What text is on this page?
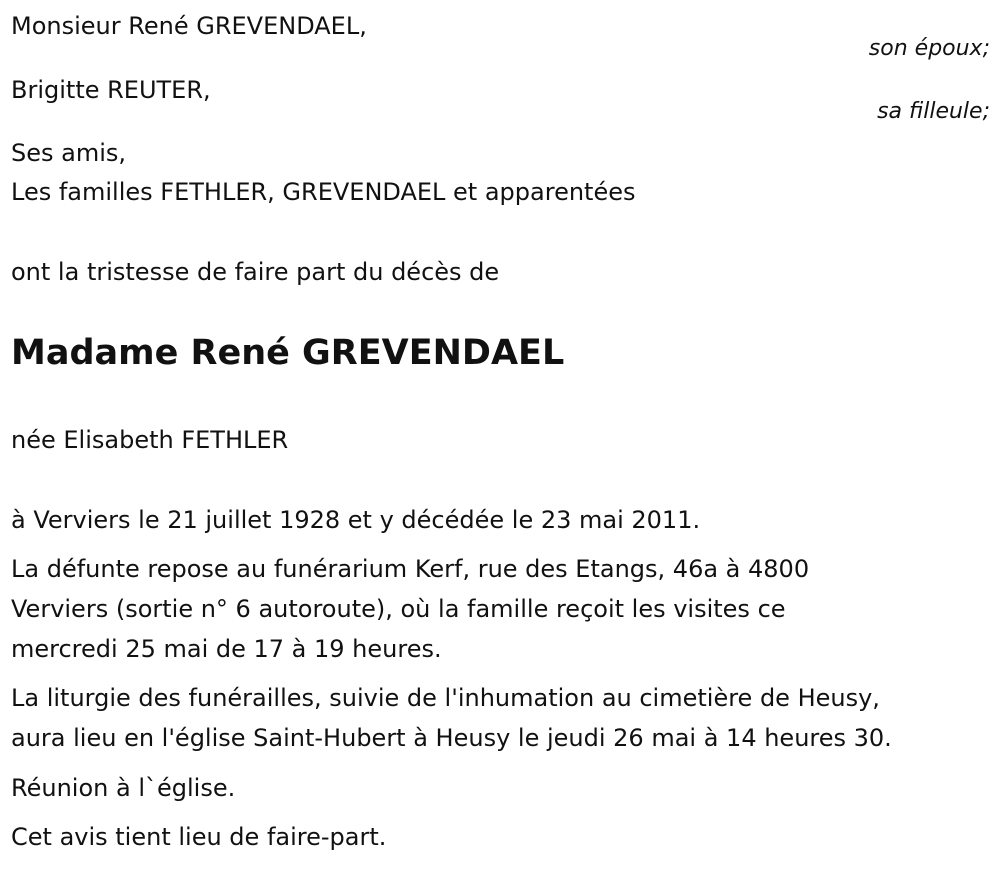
Monsieur René GREVENDAEL,

son époux;

Brigitte REUTER,

sa filleule;

Ses amis,

Les familles FETHLER, GREVENDAEL et apparentées

ont la tristesse de faire part du décès de

Madame René GREVENDAEL

née Elisabeth FETHLER

à Verviers le 21 juillet 1928 et y décédée le 23 mai 2011.

La défunte repose au funérarium Kerf, rue des Etangs, 46a à 4800

Verviers (sortie n° 6 autoroute), où la famille reçoit les visites ce

mercredi 25 mai de 17 à 19 heures.

La liturgie des funérailles, suivie de l'inhumation au cimetière de Heusy,

aura lieu en l'église Saint-Hubert à Heusy le jeudi 26 mai à 14 heures 30.

Réunion à l`église.

Cet avis tient lieu de faire-part.
